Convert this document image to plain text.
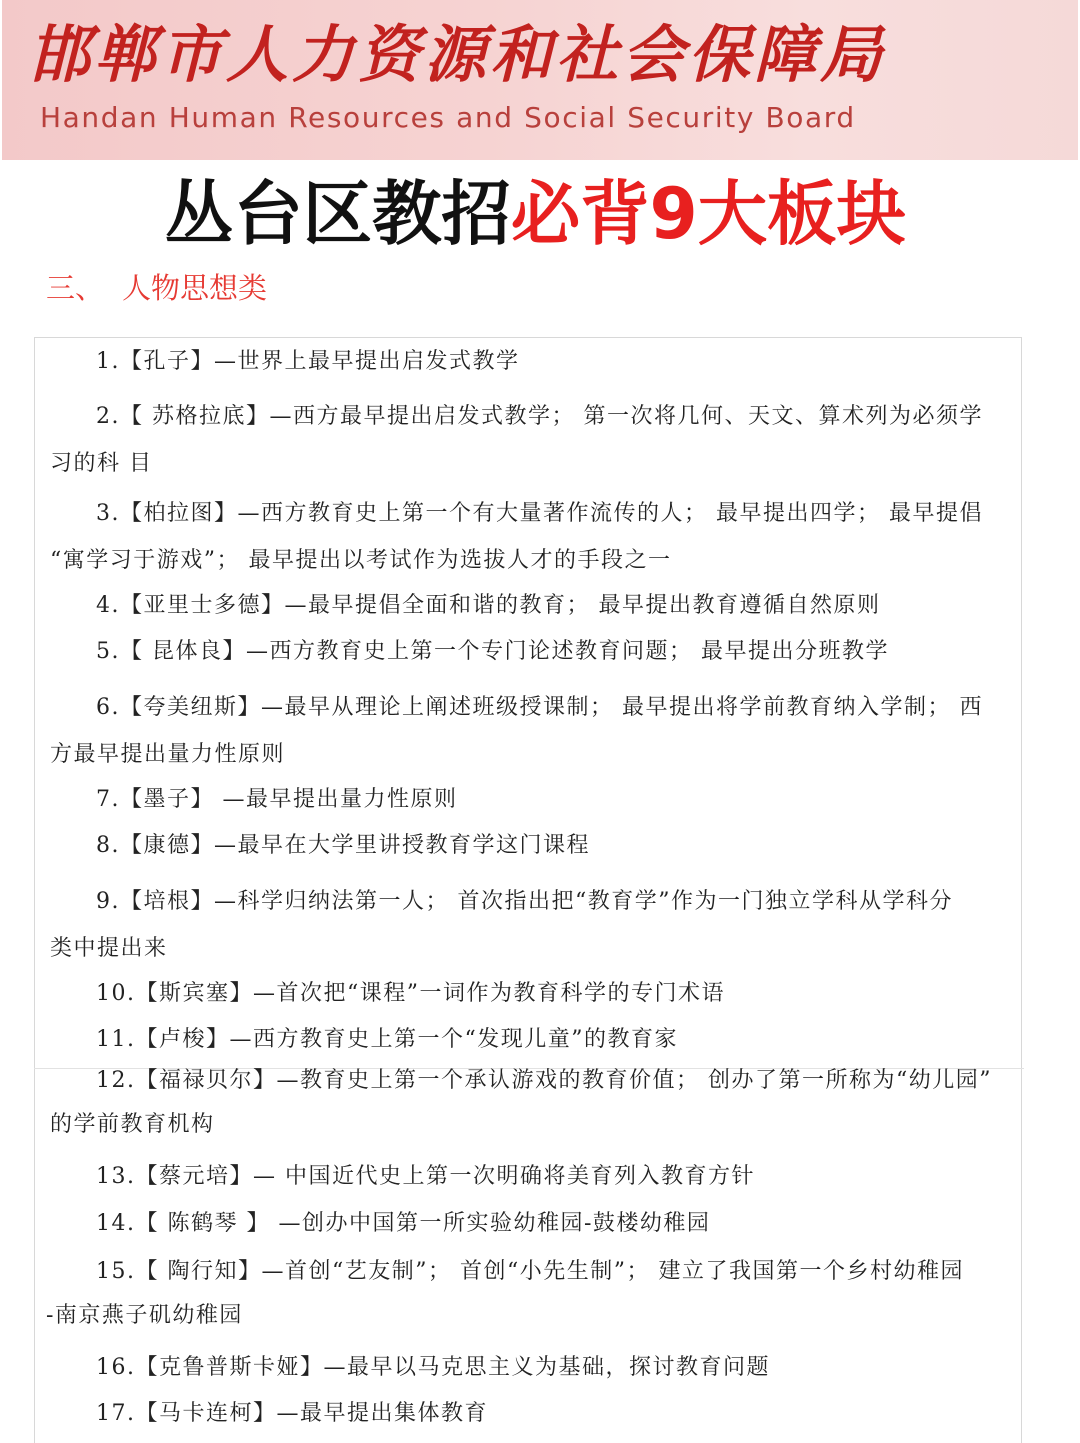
邯郸市人力资源和社会保障局
Handan Human Resources and Social Security Board
丛台区教招必背9大板块
三、 人物思想类
1.【孔子】—世界上最早提出启发式教学
2.【 苏格拉底】—西方最早提出启发式教学； 第一次将几何、天文、算术列为必须学
习的科 目
3.【柏拉图】—西方教育史上第一个有大量著作流传的人； 最早提出四学； 最早提倡
“寓学习于游戏”； 最早提出以考试作为选拔人才的手段之一
4.【亚里士多德】—最早提倡全面和谐的教育； 最早提出教育遵循自然原则
5.【 昆体良】—西方教育史上第一个专门论述教育问题； 最早提出分班教学
6.【夸美纽斯】—最早从理论上阐述班级授课制； 最早提出将学前教育纳入学制； 西
方最早提出量力性原则
7.【墨子】 —最早提出量力性原则
8.【康德】—最早在大学里讲授教育学这门课程
9.【培根】—科学归纳法第一人； 首次指出把“教育学”作为一门独立学科从学科分
类中提出来
10.【斯宾塞】—首次把“课程”一词作为教育科学的专门术语
11.【卢梭】—西方教育史上第一个“发现儿童”的教育家
12.【福禄贝尔】—教育史上第一个承认游戏的教育价值； 创办了第一所称为“幼儿园”
的学前教育机构
13.【蔡元培】— 中国近代史上第一次明确将美育列入教育方针
14.【 陈鹤琴 】 —创办中国第一所实验幼稚园-鼓楼幼稚园
15.【 陶行知】—首创“艺友制”； 首创“小先生制”； 建立了我国第一个乡村幼稚园
-南京燕子矶幼稚园
16.【克鲁普斯卡娅】—最早以马克思主义为基础，探讨教育问题
17.【马卡连柯】—最早提出集体教育
